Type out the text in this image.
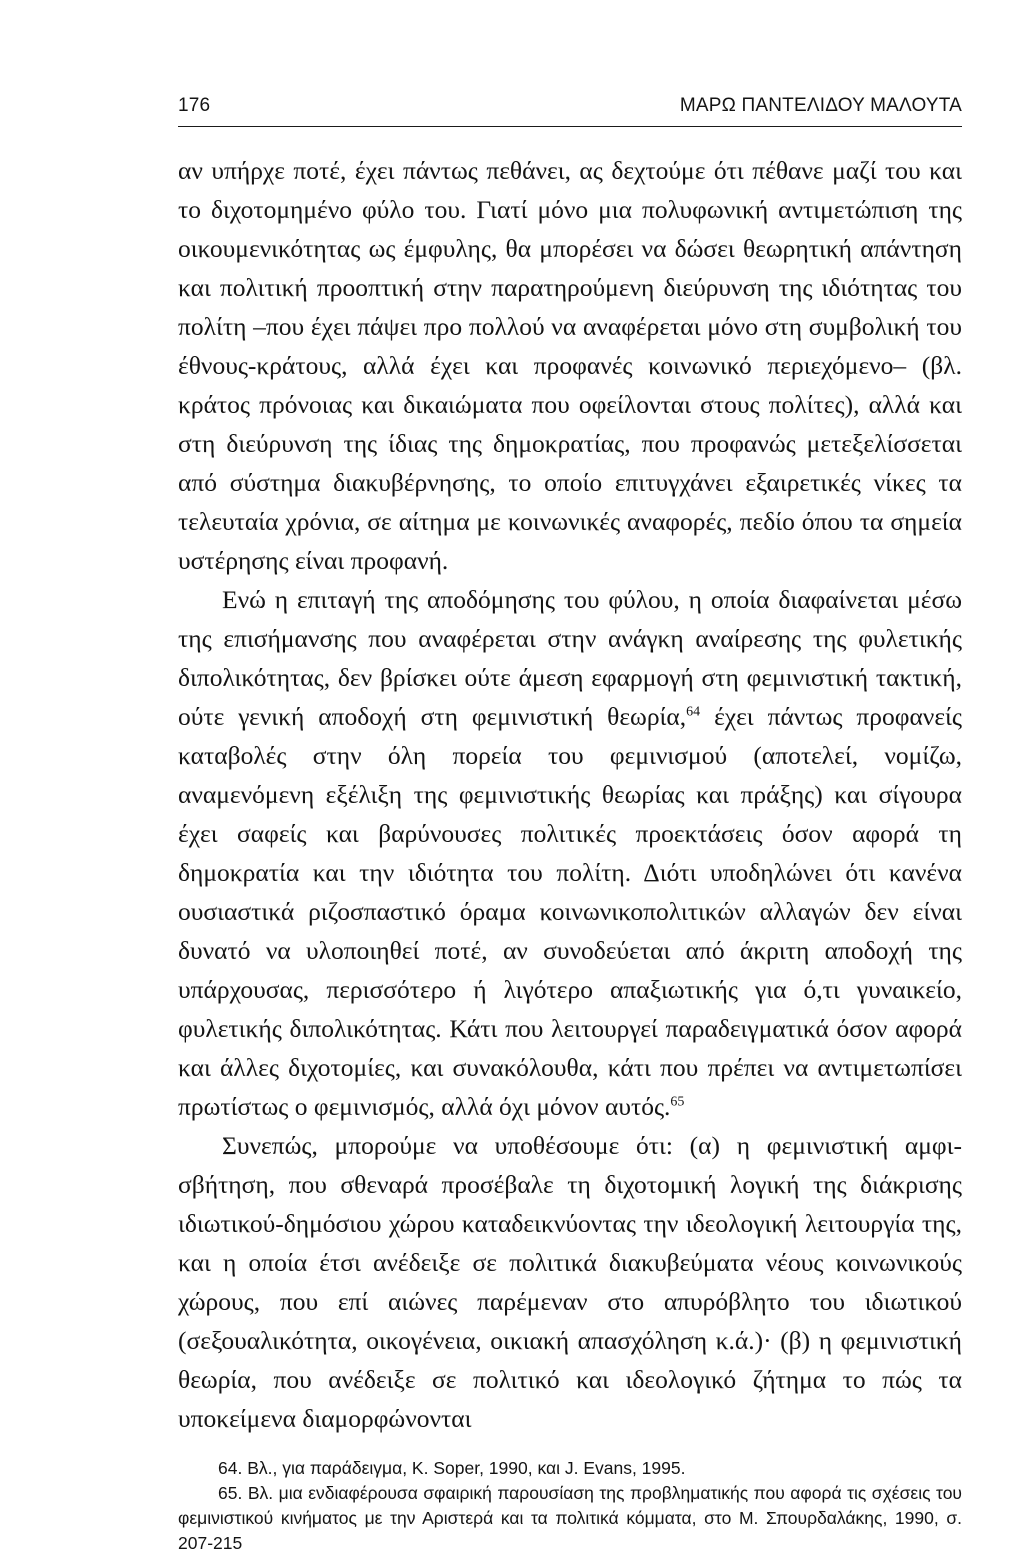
176	ΜΑΡΩ ΠΑΝΤΕΛΙΔΟΥ ΜΑΛΟΥΤΑ

αν υπήρχε ποτέ, έχει πάντως πεθάνει, ας δεχτούμε ότι πέθανε μαζί του και το διχοτομημένο φύλο του. Γιατί μόνο μια πολυφωνική αντιμετώπιση της οικουμενικότητας ως έμφυλης, θα μπορέσει να δώσει θεωρητική απάντηση και πολιτική προοπτική στην παρατηρούμενη διεύρυνση της ιδιότητας του πολίτη –που έχει πάψει προ πολλού να αναφέρεται μόνο στη συμβολική του έθνους-κράτους, αλλά έχει και προφανές κοινωνικό περιεχόμενο– (βλ. κράτος πρόνοιας και δικαιώματα που οφείλονται στους πολίτες), αλλά και στη διεύρυνση της ίδιας της δημοκρατίας, που προφανώς μετεξελίσσεται από σύστημα διακυβέρνησης, το οποίο επιτυγχάνει εξαιρετικές νίκες τα τελευταία χρόνια, σε αίτημα με κοινωνικές αναφορές, πεδίο όπου τα σημεία υστέρησης είναι προφανή.

Ενώ η επιταγή της αποδόμησης του φύλου, η οποία διαφαίνεται μέσω της επισήμανσης που αναφέρεται στην ανάγκη αναίρεσης της φυλετικής διπολικότητας, δεν βρίσκει ούτε άμεση εφαρμογή στη φεμινιστική τακτική, ούτε γενική αποδοχή στη φεμινιστική θεωρία,$^{64}$ έχει πάντως προφανείς καταβολές στην όλη πορεία του φεμινισμού (αποτελεί, νομίζω, αναμενόμενη εξέλιξη της φεμινιστικής θεωρίας και πράξης) και σίγουρα έχει σαφείς και βαρύνουσες πολιτικές προεκτάσεις όσον αφορά τη δημοκρατία και την ιδιότητα του πολίτη. Διότι υποδηλώνει ότι κανένα ουσιαστικά ριζοσπαστικό όραμα κοινωνικοπολιτικών αλλαγών δεν είναι δυνατό να υλοποιηθεί ποτέ, αν συνοδεύεται από άκριτη αποδοχή της υπάρχουσας, περισσότερο ή λιγότερο απαξιωτικής για ό,τι γυναικείο, φυλετικής διπολικότητας. Κάτι που λειτουργεί παραδειγματικά όσον αφορά και άλλες διχοτομίες, και συνακόλουθα, κάτι που πρέπει να αντιμετωπίσει πρωτίστως ο φεμινισμός, αλλά όχι μόνον αυτός.$^{65}$

Συνεπώς, μπορούμε να υποθέσουμε ότι: (α) η φεμινιστική αμφισβήτηση, που σθεναρά προσέβαλε τη διχοτομική λογική της διάκρισης ιδιωτικού-δημόσιου χώρου καταδεικνύοντας την ιδεολογική λειτουργία της, και η οποία έτσι ανέδειξε σε πολιτικά διακυβεύματα νέους κοινωνικούς χώρους, που επί αιώνες παρέμεναν στο απυρόβλητο του ιδιωτικού (σεξουαλικότητα, οικογένεια, οικιακή απασχόληση κ.ά.)· (β) η φεμινιστική θεωρία, που ανέδειξε σε πολιτικό και ιδεολογικό ζήτημα το πώς τα υποκείμενα διαμορφώνονται

64. Βλ., για παράδειγμα, K. Soper, 1990, και J. Evans, 1995.

65. Βλ. μια ενδιαφέρουσα σφαιρική παρουσίαση της προβληματικής που αφορά τις σχέσεις του φεμινιστικού κινήματος με την Αριστερά και τα πολιτικά κόμματα, στο Μ. Σπουρδαλάκης, 1990, σ. 207-215
